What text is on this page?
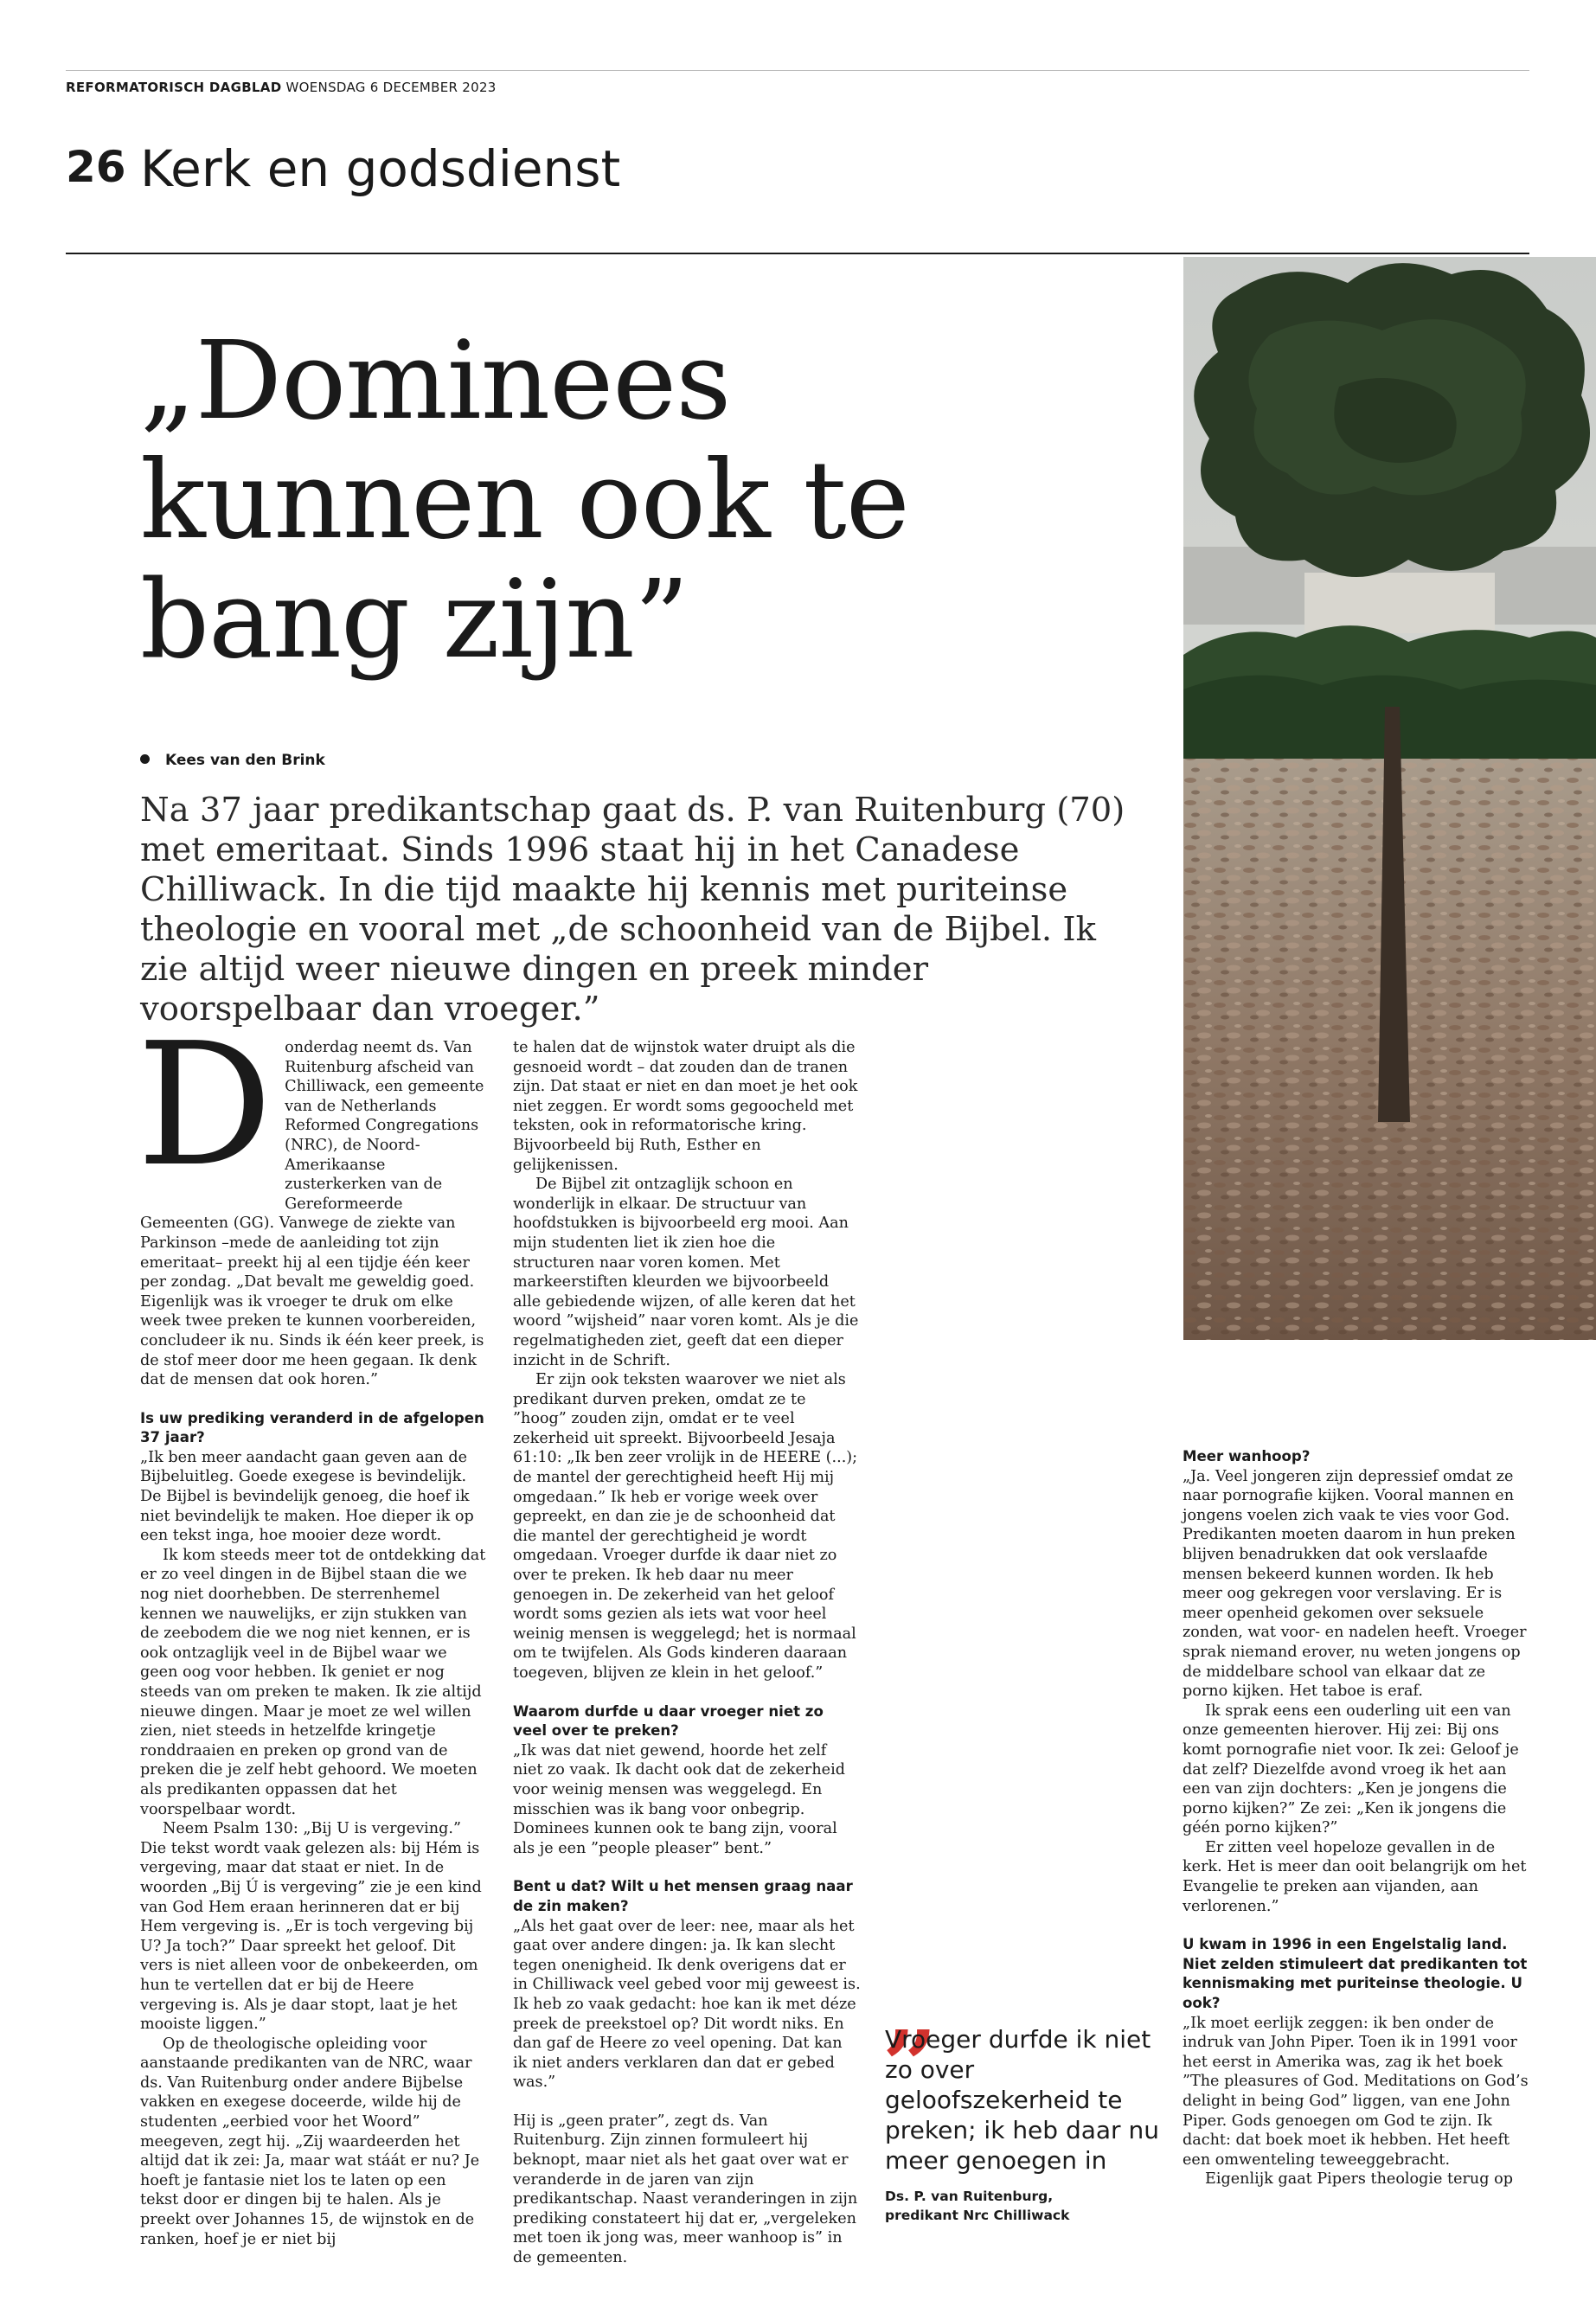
REFORMATORISCH DAGBLAD WOENSDAG 6 DECEMBER 2023
26 Kerk en godsdienst
„Dominees kunnen ook te bang zijn”
Kees van den Brink
Na 37 jaar predikantschap gaat ds. P. van Ruitenburg (70) met emeritaat. Sinds 1996 staat hij in het Canadese Chilliwack. In die tijd maakte hij kennis met puriteinse theologie en vooral met „de schoonheid van de Bijbel. Ik zie altijd weer nieuwe dingen en preek minder voorspelbaar dan vroeger.”
D onderdag neemt ds. Van Ruitenburg afscheid van Chilliwack, een gemeente van de Netherlands Reformed Congregations (NRC), de Noord-Amerikaanse zusterkerken van de Gereformeerde Gemeenten (GG). Vanwege de ziekte van Parkinson –mede de aanleiding tot zijn emeritaat– preekt hij al een tijdje één keer per zondag. „Dat bevalt me geweldig goed. Eigenlijk was ik vroeger te druk om elke week twee preken te kunnen voorbereiden, concludeer ik nu. Sinds ik één keer preek, is de stof meer door me heen gegaan. Ik denk dat de mensen dat ook horen.”

Is uw prediking veranderd in de afgelopen 37 jaar?

„Ik ben meer aandacht gaan geven aan de Bijbeluitleg. Goede exegese is bevindelijk. De Bijbel is bevindelijk genoeg, die hoef ik niet bevindelijk te maken. Hoe dieper ik op een tekst inga, hoe mooier deze wordt.

Ik kom steeds meer tot de ontdekking dat er zo veel dingen in de Bijbel staan die we nog niet doorhebben. De sterrenhemel kennen we nauwelijks, er zijn stukken van de zeebodem die we nog niet kennen, er is ook ontzaglijk veel in de Bijbel waar we geen oog voor hebben. Ik geniet er nog steeds van om preken te maken. Ik zie altijd nieuwe dingen. Maar je moet ze wel willen zien, niet steeds in hetzelfde kringetje ronddraaien en preken op grond van de preken die je zelf hebt gehoord. We moeten als predikanten oppassen dat het voorspelbaar wordt.

Neem Psalm 130: „Bij U is vergeving.” Die tekst wordt vaak gelezen als: bij Hém is vergeving, maar dat staat er niet. In de woorden „Bij Ú is vergeving” zie je een kind van God Hem eraan herinneren dat er bij Hem vergeving is. „Er is toch vergeving bij U? Ja toch?” Daar spreekt het geloof. Dit vers is niet alleen voor de onbekeerden, om hun te vertellen dat er bij de Heere vergeving is. Als je daar stopt, laat je het mooiste liggen.”

Op de theologische opleiding voor aanstaande predikanten van de NRC, waar ds. Van Ruitenburg onder andere Bijbelse vakken en exegese doceerde, wilde hij de studenten „eerbied voor het Woord” meegeven, zegt hij. „Zij waardeerden het altijd dat ik zei: Ja, maar wat stáát er nu? Je hoeft je fantasie niet los te laten op een tekst door er dingen bij te halen. Als je preekt over Johannes 15, de wijnstok en de ranken, hoef je er niet bij

te halen dat de wijnstok water druipt als die gesnoeid wordt – dat zouden dan de tranen zijn. Dat staat er niet en dan moet je het ook niet zeggen. Er wordt soms gegoocheld met teksten, ook in reformatorische kring. Bijvoorbeeld bij Ruth, Esther en gelijkenissen.

De Bijbel zit ontzaglijk schoon en wonderlijk in elkaar. De structuur van hoofdstukken is bijvoorbeeld erg mooi. Aan mijn studenten liet ik zien hoe die structuren naar voren komen. Met markeerstiften kleurden we bijvoorbeeld alle gebiedende wijzen, of alle keren dat het woord ”wijsheid” naar voren komt. Als je die regelmatigheden ziet, geeft dat een dieper inzicht in de Schrift.

Er zijn ook teksten waarover we niet als predikant durven preken, omdat ze te ”hoog” zouden zijn, omdat er te veel zekerheid uit spreekt. Bijvoorbeeld Jesaja 61:10: „Ik ben zeer vrolijk in de HEERE (...); de mantel der gerechtigheid heeft Hij mij omgedaan.” Ik heb er vorige week over gepreekt, en dan zie je de schoonheid dat die mantel der gerechtigheid je wordt omgedaan. Vroeger durfde ik daar niet zo over te preken. Ik heb daar nu meer genoegen in. De zekerheid van het geloof wordt soms gezien als iets wat voor heel weinig mensen is weggelegd; het is normaal om te twijfelen. Als Gods kinderen daaraan toegeven, blijven ze klein in het geloof.”

Waarom durfde u daar vroeger niet zo veel over te preken?

„Ik was dat niet gewend, hoorde het zelf niet zo vaak. Ik dacht ook dat de zekerheid voor weinig mensen was weggelegd. En misschien was ik bang voor onbegrip. Dominees kunnen ook te bang zijn, vooral als je een ”people pleaser” bent.”

Bent u dat? Wilt u het mensen graag naar de zin maken?

„Als het gaat over de leer: nee, maar als het gaat over andere dingen: ja. Ik kan slecht tegen onenigheid. Ik denk overigens dat er in Chilliwack veel gebed voor mij geweest is. Ik heb zo vaak gedacht: hoe kan ik met déze preek de preekstoel op? Dit wordt niks. En dan gaf de Heere zo veel opening. Dat kan ik niet anders verklaren dan dat er gebed was.”

Hij is „geen prater”, zegt ds. Van Ruitenburg. Zijn zinnen formuleert hij beknopt, maar niet als het gaat over wat er veranderde in de jaren van zijn predikantschap. Naast veranderingen in zijn prediking constateert hij dat er, „vergeleken met toen ik jong was, meer wanhoop is” in de gemeenten.

„
Vroeger durfde ik niet zo over geloofszekerheid te preken; ik heb daar nu meer genoegen in
Ds. P. van Ruitenburg,
predikant Nrc Chilliwack
Meer wanhoop?

„Ja. Veel jongeren zijn depressief omdat ze naar pornografie kijken. Vooral mannen en jongens voelen zich vaak te vies voor God. Predikanten moeten daarom in hun preken blijven benadrukken dat ook verslaafde mensen bekeerd kunnen worden. Ik heb meer oog gekregen voor verslaving. Er is meer openheid gekomen over seksuele zonden, wat voor- en nadelen heeft. Vroeger sprak niemand erover, nu weten jongens op de middelbare school van elkaar dat ze porno kijken. Het taboe is eraf.

Ik sprak eens een ouderling uit een van onze gemeenten hierover. Hij zei: Bij ons komt pornografie niet voor. Ik zei: Geloof je dat zelf? Diezelfde avond vroeg ik het aan een van zijn dochters: „Ken je jongens die porno kijken?” Ze zei: „Ken ik jongens die géén porno kijken?”

Er zitten veel hopeloze gevallen in de kerk. Het is meer dan ooit belangrijk om het Evangelie te preken aan vijanden, aan verlorenen.”

U kwam in 1996 in een Engelstalig land. Niet zelden stimuleert dat predikanten tot kennismaking met puriteinse theologie. U ook?

„Ik moet eerlijk zeggen: ik ben onder de indruk van John Piper. Toen ik in 1991 voor het eerst in Amerika was, zag ik het boek ”The pleasures of God. Meditations on God’s delight in being God” liggen, van ene John Piper. Gods genoegen om God te zijn. Ik dacht: dat boek moet ik hebben. Het heeft een omwenteling teweeggebracht.

Eigenlijk gaat Pipers theologie terug op
